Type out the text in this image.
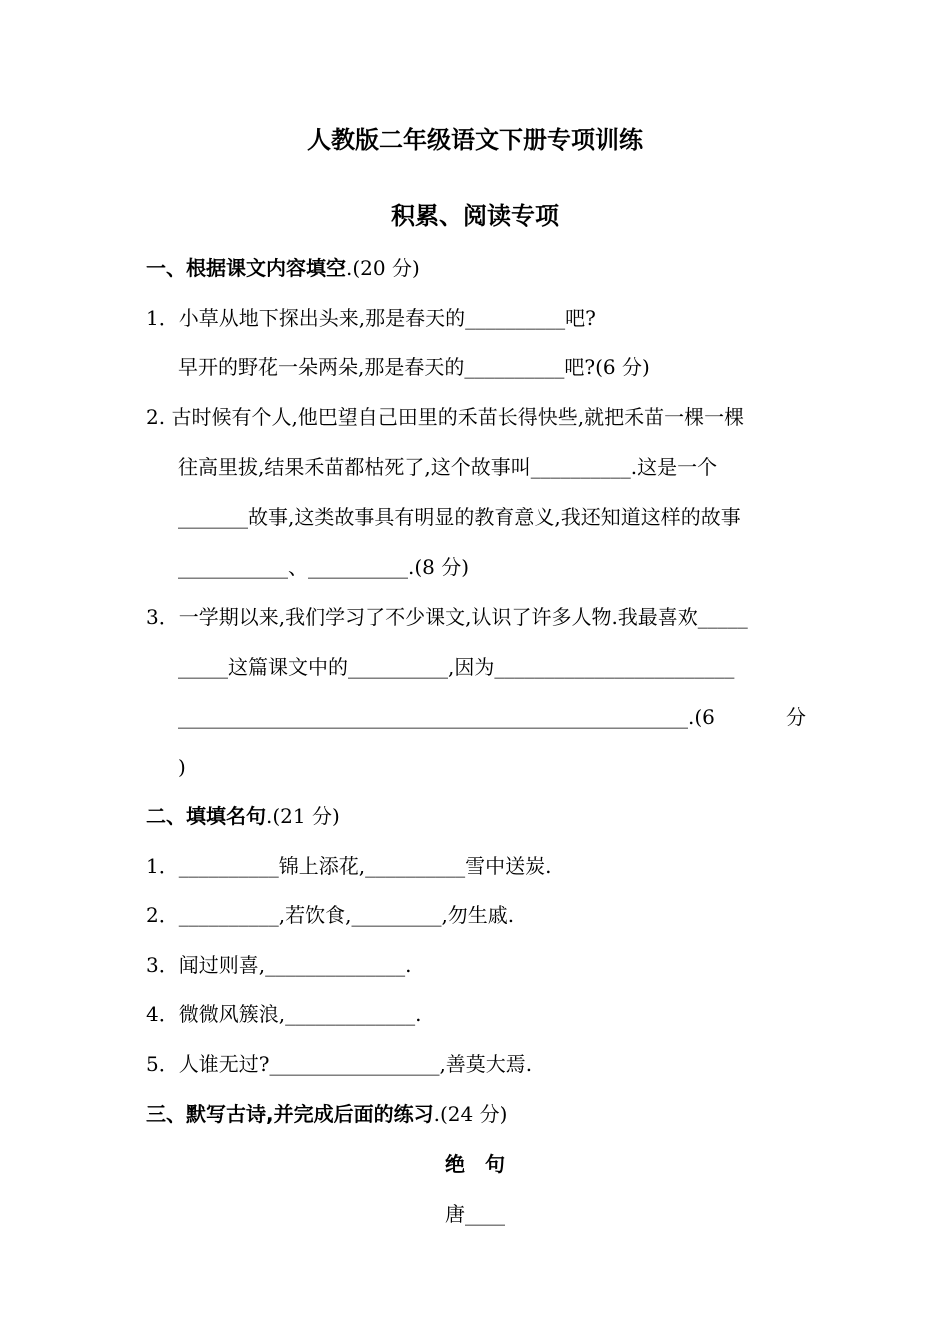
人教版二年级语文下册专项训练
积累、阅读专项
一、根据课文内容填空.(20 分)
1．小草从地下探出头来,那是春天的__________吧?
早开的野花一朵两朵,那是春天的__________吧?(6 分)
2. 古时候有个人,他巴望自己田里的禾苗长得快些,就把禾苗一棵一棵
往高里拔,结果禾苗都枯死了,这个故事叫__________.这是一个
_______故事,这类故事具有明显的教育意义,我还知道这样的故事
___________、__________.(8 分)
3．一学期以来,我们学习了不少课文,认识了许多人物.我最喜欢_____
_____这篇课文中的__________,因为________________________
___________________________________________________.(6	分
)
二、填填名句.(21 分)
1．__________锦上添花,__________雪中送炭.
2．__________,若饮食,_________,勿生戚.
3．闻过则喜,______________.
4．微微风簇浪,_____________.
5．人谁无过?_________________,善莫大焉.
三、默写古诗,并完成后面的练习.(24 分)
绝　句
唐____
